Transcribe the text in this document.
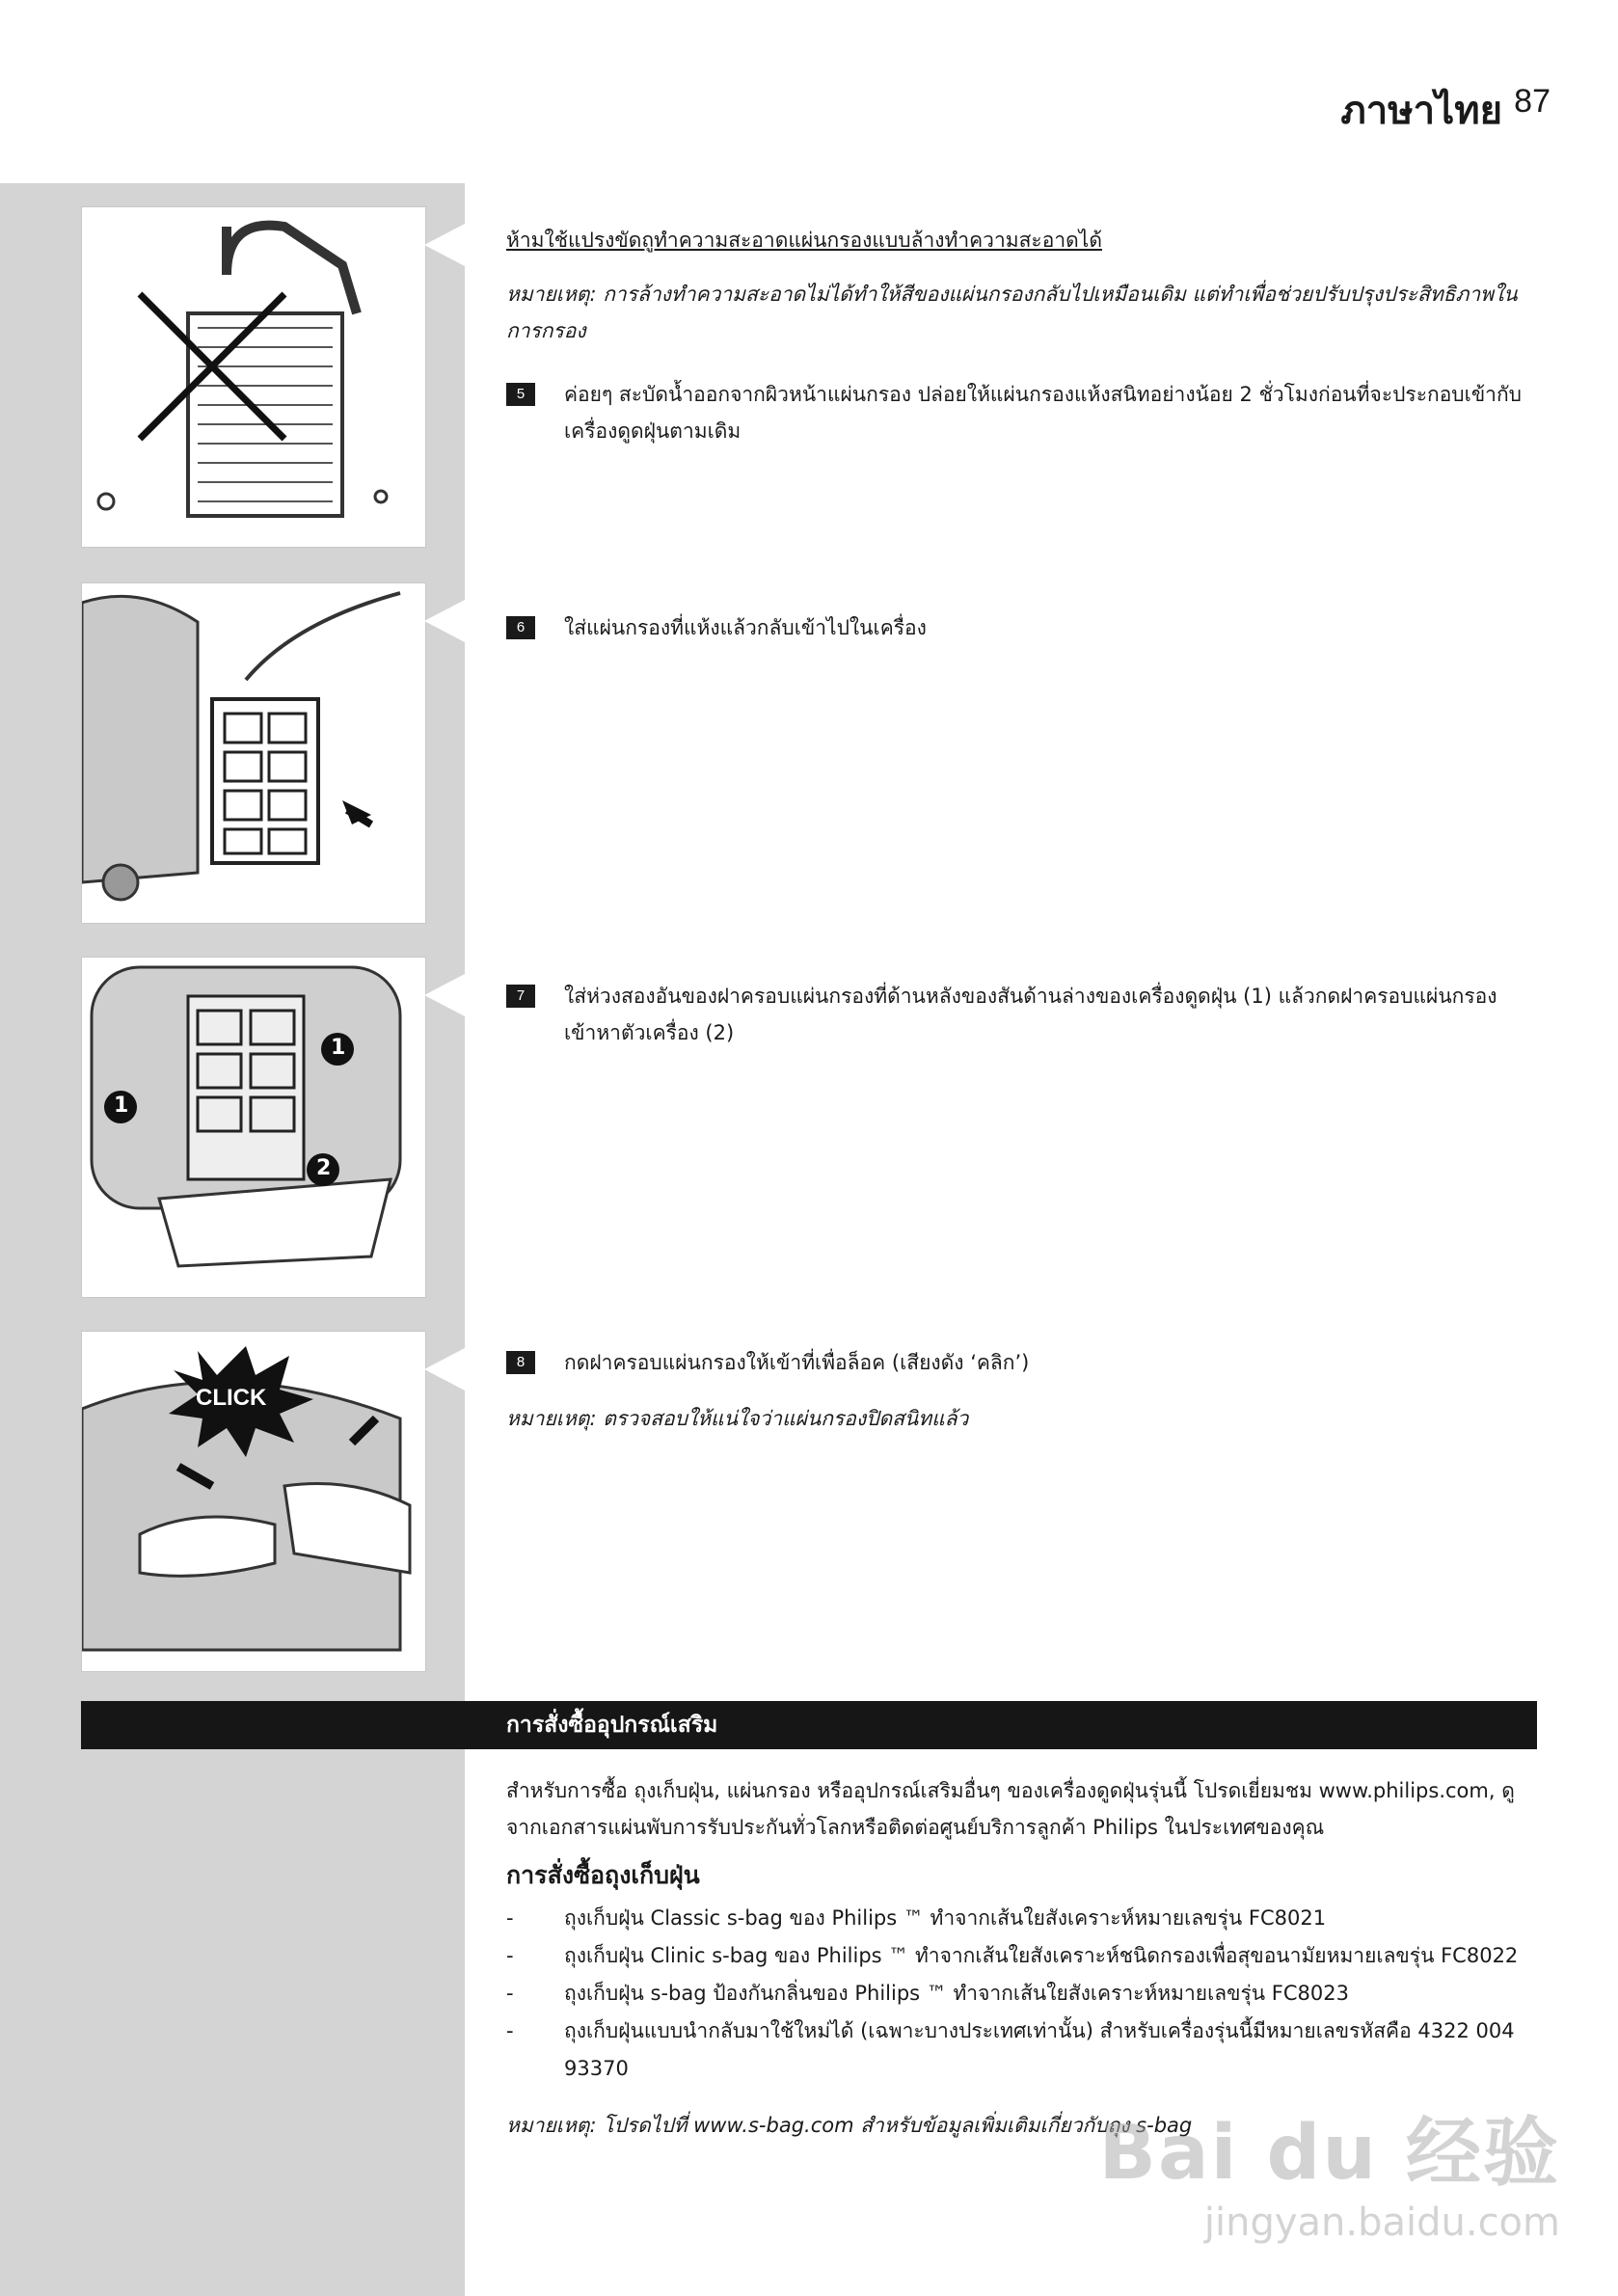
ภาษาไทย 87
1
1
2
CLICK
ห้ามใช้แปรงขัดถูทำความสะอาดแผ่นกรองแบบล้างทำความสะอาดได้
หมายเหตุ: การล้างทำความสะอาดไม่ได้ทำให้สีของแผ่นกรองกลับไปเหมือนเดิม แต่ทำเพื่อช่วยปรับปรุงประสิทธิภาพในการกรอง
5	ค่อยๆ สะบัดน้ำออกจากผิวหน้าแผ่นกรอง ปล่อยให้แผ่นกรองแห้งสนิทอย่างน้อย 2 ชั่วโมงก่อนที่จะประกอบเข้ากับเครื่องดูดฝุ่นตามเดิม
6	ใส่แผ่นกรองที่แห้งแล้วกลับเข้าไปในเครื่อง
7	ใส่ห่วงสองอันของฝาครอบแผ่นกรองที่ด้านหลังของสันด้านล่างของเครื่องดูดฝุ่น (1) แล้วกดฝาครอบแผ่นกรองเข้าหาตัวเครื่อง (2)
8	กดฝาครอบแผ่นกรองให้เข้าที่เพื่อล็อค (เสียงดัง ‘คลิก’)
หมายเหตุ: ตรวจสอบให้แน่ใจว่าแผ่นกรองปิดสนิทแล้ว
การสั่งซื้ออุปกรณ์เสริม
สำหรับการซื้อ ถุงเก็บฝุ่น, แผ่นกรอง หรืออุปกรณ์เสริมอื่นๆ ของเครื่องดูดฝุ่นรุ่นนี้ โปรดเยี่ยมชม www.philips.com, ดูจากเอกสารแผ่นพับการรับประกันทั่วโลกหรือติดต่อศูนย์บริการลูกค้า Philips ในประเทศของคุณ
การสั่งซื้อถุงเก็บฝุ่น
- ถุงเก็บฝุ่น Classic s-bag ของ Philips ™ ทำจากเส้นใยสังเคราะห์หมายเลขรุ่น FC8021
- ถุงเก็บฝุ่น Clinic s-bag ของ Philips ™ ทำจากเส้นใยสังเคราะห์ชนิดกรองเพื่อสุขอนามัยหมายเลขรุ่น FC8022
- ถุงเก็บฝุ่น s-bag ป้องกันกลิ่นของ Philips ™ ทำจากเส้นใยสังเคราะห์หมายเลขรุ่น FC8023
- ถุงเก็บฝุ่นแบบนำกลับมาใช้ใหม่ได้ (เฉพาะบางประเทศเท่านั้น) สำหรับเครื่องรุ่นนี้มีหมายเลขรหัสคือ 4322 004 93370
หมายเหตุ: โปรดไปที่ www.s-bag.com สำหรับข้อมูลเพิ่มเติมเกี่ยวกับถุง s-bag
Bai du 经验
jingyan.baidu.com
